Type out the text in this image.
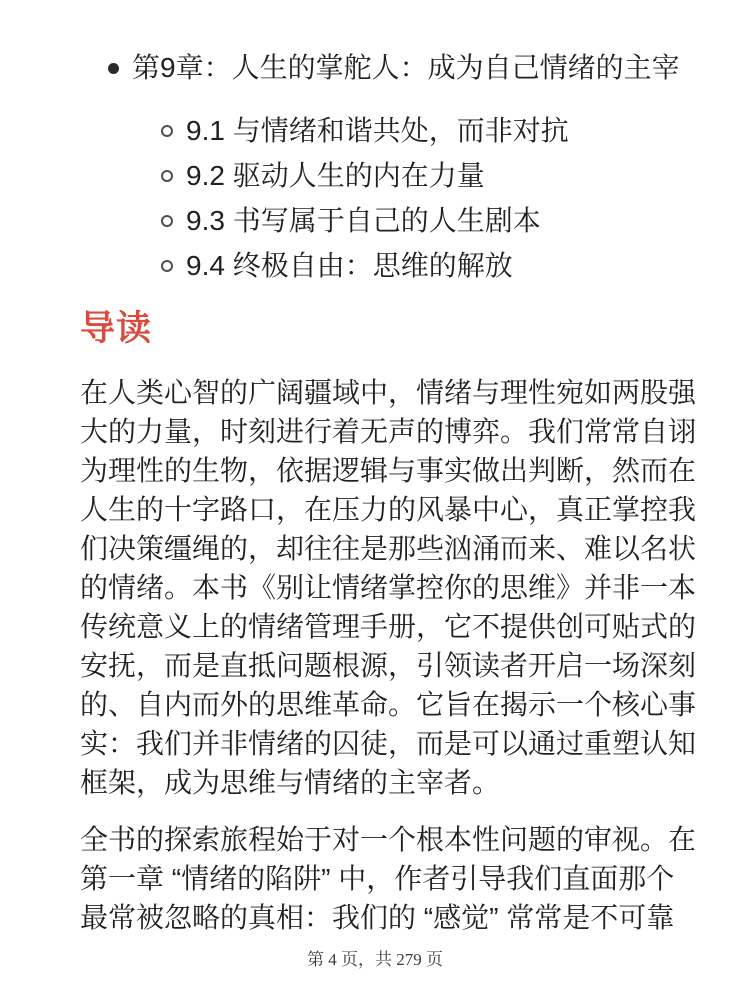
第9章：人生的掌舵人：成为自己情绪的主宰
9.1 与情绪和谐共处，而非对抗
9.2 驱动人生的内在力量
9.3 书写属于自己的人生剧本
9.4 终极自由：思维的解放
导读

在人类心智的广阔疆域中，情绪与理性宛如两股强大的力量，时刻进行着无声的博弈。我们常常自诩为理性的生物，依据逻辑与事实做出判断，然而在人生的十字路口，在压力的风暴中心，真正掌控我们决策缰绳的，却往往是那些汹涌而来、难以名状的情绪。本书《别让情绪掌控你的思维》并非一本传统意义上的情绪管理手册，它不提供创可贴式的安抚，而是直抵问题根源，引领读者开启一场深刻的、自内而外的思维革命。它旨在揭示一个核心事实：我们并非情绪的囚徒，而是可以通过重塑认知框架，成为思维与情绪的主宰者。

全书的探索旅程始于对一个根本性问题的审视。在第一章 “情绪的陷阱” 中，作者引导我们直面那个最常被忽略的真相：我们的 “感觉” 常常是不可靠

第 4 页，共 279 页
